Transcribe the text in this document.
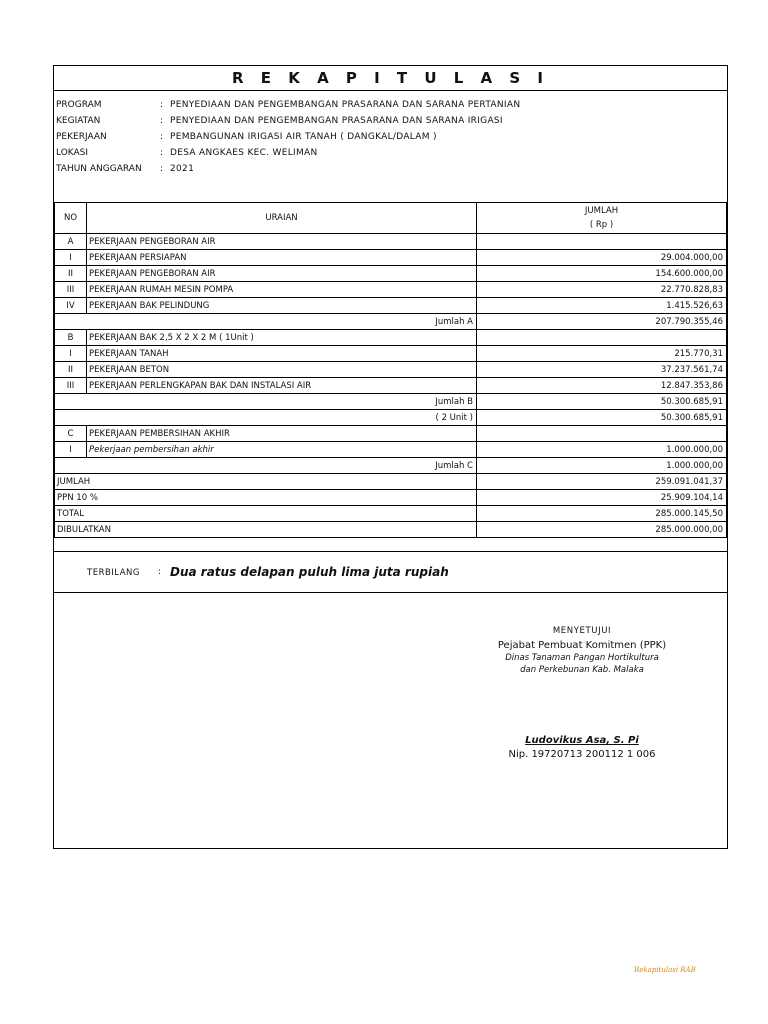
R E K A P I T U L A S I
PROGRAM	: PENYEDIAAN DAN PENGEMBANGAN PRASARANA DAN SARANA PERTANIAN
KEGIATAN	: PENYEDIAAN DAN PENGEMBANGAN PRASARANA DAN SARANA IRIGASI
PEKERJAAN	: PEMBANGUNAN IRIGASI AIR TANAH ( DANGKAL/DALAM )
LOKASI	: DESA ANGKAES KEC. WELIMAN
TAHUN ANGGARAN : 2021
NO	URAIAN	JUMLAH
( Rp )

A	PEKERJAAN PENGEBORAN AIR	
I	PEKERJAAN PERSIAPAN	29.004.000,00
II	PEKERJAAN PENGEBORAN AIR	154.600.000,00
III	PEKERJAAN RUMAH MESIN POMPA	22.770.828,83
IV	PEKERJAAN BAK PELINDUNG	1.415.526,63
Jumlah A		207.790.355,46
B	PEKERJAAN BAK 2,5 X 2 X 2 M ( 1Unit )	
I	PEKERJAAN TANAH	215.770,31
II	PEKERJAAN BETON	37.237.561,74
III	PEKERJAAN PERLENGKAPAN BAK DAN INSTALASI AIR	12.847.353,86
Jumlah B		50.300.685,91
( 2 Unit )		50.300.685,91
C	PEKERJAAN PEMBERSIHAN AKHIR	
I	Pekerjaan pembersihan akhir	1.000.000,00
Jumlah C		1.000.000,00
JUMLAH		259.091.041,37
PPN 10 %		25.909.104,14
TOTAL		285.000.145,50
DIBULATKAN		285.000.000,00
TERBILANG : Dua ratus delapan puluh lima juta rupiah
MENYETUJUI
Pejabat Pembuat Komitmen (PPK)
Dinas Tanaman Pangan Hortikultura
dan Perkebunan Kab. Malaka
Ludovikus Asa, S. Pi
Nip. 19720713 200112 1 006
Rekapitulasi RAB
